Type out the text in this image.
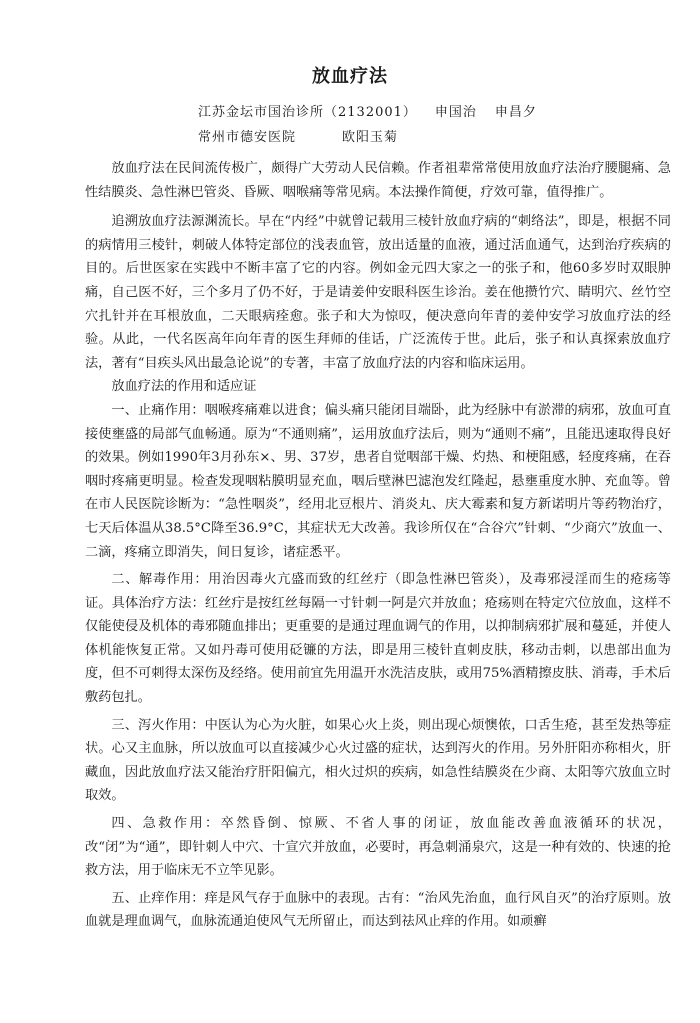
放血疗法
江苏金坛市国治诊所（2132001） 申国治 申昌夕
常州市德安医院	欧阳玉菊

放血疗法在民间流传极广，颇得广大劳动人民信赖。作者祖辈常常使用放血疗法治疗腰腿痛、急性结膜炎、急性淋巴管炎、昏厥、咽喉痛等常见病。本法操作简便，疗效可靠，值得推广。

追溯放血疗法源渊流长。早在“内经”中就曾记载用三棱针放血疗病的“刺络法”，即是，根据不同的病情用三棱针，刺破人体特定部位的浅表血管，放出适量的血液，通过活血通气，达到治疗疾病的目的。后世医家在实践中不断丰富了它的内容。例如金元四大家之一的张子和，他60多岁时双眼肿痛，自己医不好，三个多月了仍不好，于是请姜仲安眼科医生诊治。姜在他攒竹穴、睛明穴、丝竹空穴扎针并在耳根放血，二天眼病痊愈。张子和大为惊叹，便决意向年青的姜仲安学习放血疗法的经验。从此，一代名医高年向年青的医生拜师的佳话，广泛流传于世。此后，张子和认真探索放血疗法，著有“目疾头风出最急论说”的专著，丰富了放血疗法的内容和临床运用。

放血疗法的作用和适应证

一、止痛作用：咽喉疼痛难以进食；偏头痛只能闭目端卧，此为经脉中有淤滞的病邪，放血可直接使壅盛的局部气血畅通。原为“不通则痛”，运用放血疗法后，则为“通则不痛”，且能迅速取得良好的效果。例如1990年3月孙东×、男、37岁，患者自觉咽部干燥、灼热、和梗阻感，轻度疼痛，在吞咽时疼痛更明显。检查发现咽粘膜明显充血，咽后壁淋巴滤泡发红隆起，悬壅重度水肿、充血等。曾在市人民医院诊断为：“急性咽炎”，经用北豆根片、消炎丸、庆大霉素和复方新诺明片等药物治疗，七天后体温从38.5°C降至36.9°C，其症状无大改善。我诊所仅在“合谷穴”针刺、“少商穴”放血一、二滴，疼痛立即消失，间日复诊，诸症悉平。

二、解毒作用：用治因毒火亢盛而致的红丝疔（即急性淋巴管炎），及毒邪浸淫而生的疮疡等证。具体治疗方法：红丝疔是按红丝每隔一寸针刺一阿是穴并放血；疮疡则在特定穴位放血，这样不仅能使侵及机体的毒邪随血排出；更重要的是通过理血调气的作用，以抑制病邪扩展和蔓延，并使人体机能恢复正常。又如丹毒可使用砭镰的方法，即是用三棱针直刺皮肤，移动击刺，以患部出血为度，但不可刺得太深伤及经络。使用前宜先用温开水洗洁皮肤，或用75%酒精擦皮肤、消毒，手术后敷药包扎。

三、泻火作用：中医认为心为火脏，如果心火上炎，则出现心烦懊侬，口舌生疮，甚至发热等症状。心又主血脉，所以放血可以直接减少心火过盛的症状，达到泻火的作用。另外肝阳亦称相火，肝藏血，因此放血疗法又能治疗肝阳偏亢，相火过炽的疾病，如急性结膜炎在少商、太阳等穴放血立时取效。

四、急救作用：卒然昏倒、惊厥、不省人事的闭证，放血能改善血液循环的状况，改“闭”为“通”，即针刺人中穴、十宣穴并放血，必要时，再急刺涌泉穴，这是一种有效的、快速的抢救方法，用于临床无不立竿见影。

五、止痒作用：痒是风气存于血脉中的表现。古有：“治风先治血，血行风自灭”的治疗原则。放血就是理血调气，血脉流通迫使风气无所留止，而达到祛风止痒的作用。如顽癣
